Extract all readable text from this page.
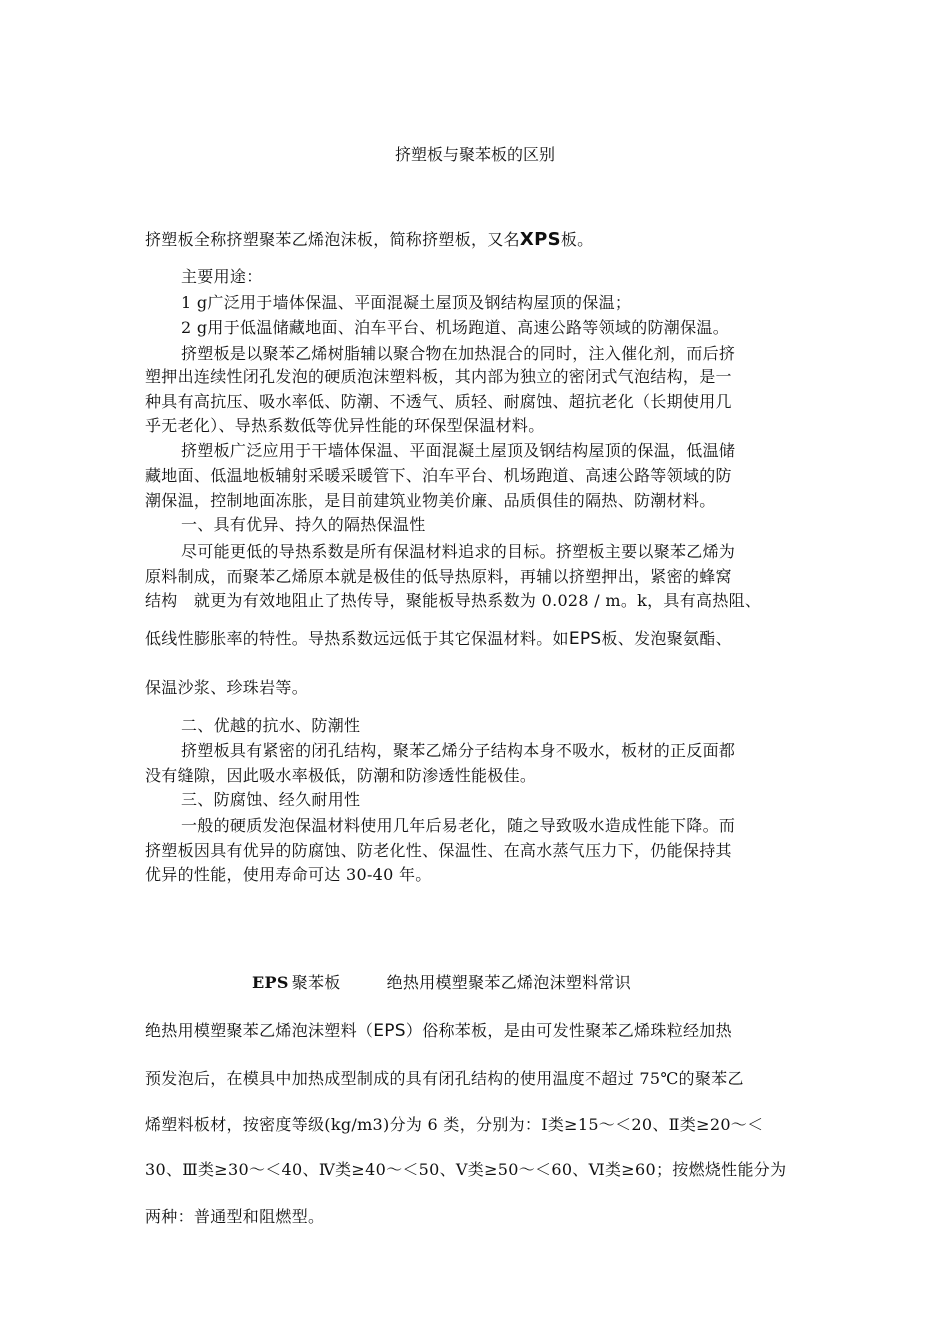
挤塑板与聚苯板的区别
挤塑板全称挤塑聚苯乙烯泡沫板，简称挤塑板，又名XPS板。
主要用途：
1 g广泛用于墙体保温、平面混凝土屋顶及钢结构屋顶的保温；
2 g用于低温储藏地面、泊车平台、机场跑道、高速公路等领域的防潮保温。
挤塑板是以聚苯乙烯树脂辅以聚合物在加热混合的同时，注入催化剂，而后挤
塑押出连续性闭孔发泡的硬质泡沫塑料板，其内部为独立的密闭式气泡结构，是一
种具有高抗压、吸水率低、防潮、不透气、质轻、耐腐蚀、超抗老化（长期使用几
乎无老化）、导热系数低等优异性能的环保型保温材料。
挤塑板广泛应用于干墙体保温、平面混凝土屋顶及钢结构屋顶的保温，低温储
藏地面、低温地板辅射采暖采暖管下、泊车平台、机场跑道、高速公路等领域的防
潮保温，控制地面冻胀，是目前建筑业物美价廉、品质俱佳的隔热、防潮材料。
一、具有优异、持久的隔热保温性
尽可能更低的导热系数是所有保温材料追求的目标。挤塑板主要以聚苯乙烯为
原料制成，而聚苯乙烯原本就是极佳的低导热原料，再辅以挤塑押出，紧密的蜂窝
结构　就更为有效地阻止了热传导，聚能板导热系数为 0.028 / m。k，具有高热阻、
低线性膨胀率的特性。导热系数远远低于其它保温材料。如EPS板、发泡聚氨酯、
保温沙浆、珍珠岩等。
二、优越的抗水、防潮性
挤塑板具有紧密的闭孔结构，聚苯乙烯分子结构本身不吸水，板材的正反面都
没有缝隙，因此吸水率极低，防潮和防渗透性能极佳。
三、防腐蚀、经久耐用性
一般的硬质发泡保温材料使用几年后易老化，随之导致吸水造成性能下降。而
挤塑板因具有优异的防腐蚀、防老化性、保温性、在高水蒸气压力下，仍能保持其
优异的性能，使用寿命可达 30-40 年。
EPS 聚苯板	绝热用模塑聚苯乙烯泡沫塑料常识
绝热用模塑聚苯乙烯泡沫塑料（EPS）俗称苯板，是由可发性聚苯乙烯珠粒经加热
预发泡后，在模具中加热成型制成的具有闭孔结构的使用温度不超过 75℃的聚苯乙
烯塑料板材，按密度等级(kg/m3)分为 6 类，分别为：Ⅰ类≥15～＜20、Ⅱ类≥20～＜
30、Ⅲ类≥30～＜40、Ⅳ类≥40～＜50、Ⅴ类≥50～＜60、Ⅵ类≥60；按燃烧性能分为
两种：普通型和阻燃型。
